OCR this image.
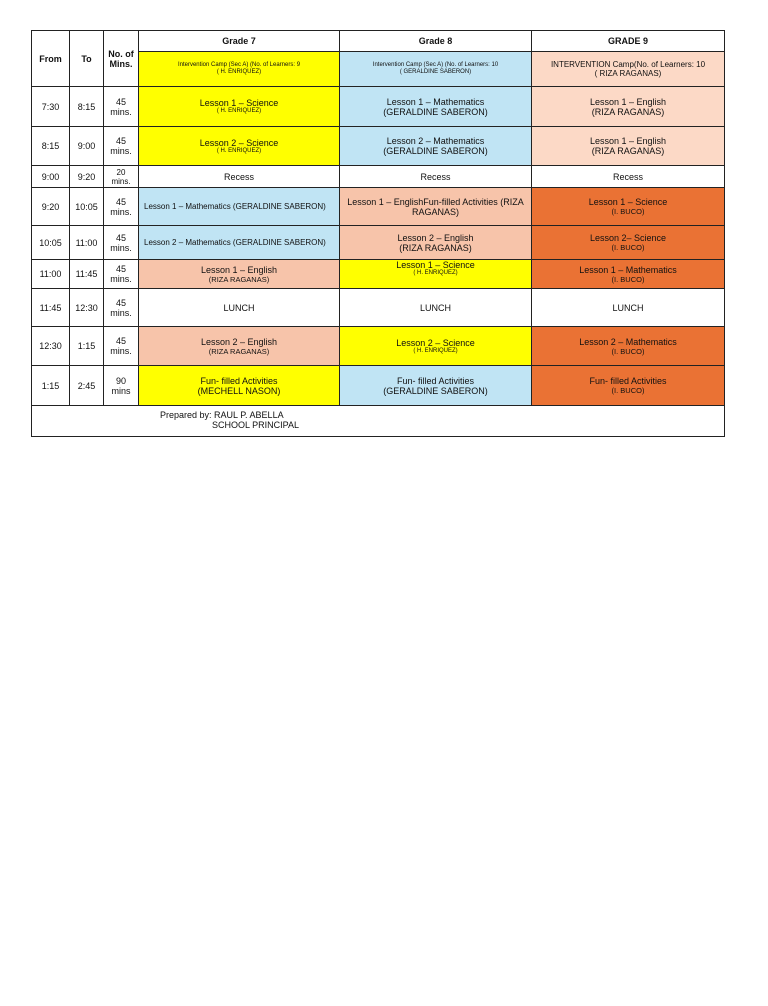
From	To	No. of Mins.	Grade 7	Grade 8	GRADE 9

			Intervention Camp (Sec A) (No. of Learners: 9
( H. ENRIQUEZ)	Intervention Camp (Sec A) (No. of Learners: 10
( GERALDINE SABERON)	INTERVENTION Camp(No. of Learners: 10
( RIZA RAGANAS)

7:30	8:15	45 mins.	Lesson 1 – Science
( H. ENRIQUEZ)	Lesson 1 – Mathematics
(GERALDINE SABERON)	Lesson 1 – English
(RIZA RAGANAS)

8:15	9:00	45 mins.	Lesson 2 – Science
( H. ENRIQUEZ)	Lesson 2 – Mathematics
(GERALDINE SABERON)	Lesson 1 – English
(RIZA RAGANAS)

9:00	9:20	20 mins.	Recess	Recess	Recess
9:20	10:05	45 mins.	Lesson 1 – Mathematics (GERALDINE SABERON)	Lesson 1 – EnglishFun-filled Activities (RIZA RAGANAS)	Lesson 1 – Science
(I. BUCO)

10:05	11:00	45 mins.	Lesson 2 – Mathematics (GERALDINE SABERON)	Lesson 2 – English
(RIZA RAGANAS)	Lesson 2– Science
(I. BUCO)

11:00	11:45	45 mins.	Lesson 1 – English
(RIZA RAGANAS)	Lesson 1 – Science
( H. ENRIQUEZ)	Lesson 1 – Mathematics
(I. BUCO)

11:45	12:30	45 mins.	LUNCH	LUNCH	LUNCH
12:30	1:15	45 mins.	Lesson 2 – English
(RIZA RAGANAS)	Lesson 2 – Science
( H. ENRIQUEZ)	Lesson 2 – Mathematics
(I. BUCO)

1:15	2:45	90 mins	Fun- filled Activities
(MECHELL NASON)	Fun- filled Activities
(GERALDINE SABERON)	Fun- filled Activities
(I. BUCO)

Prepared by: RAUL P. ABELLA
SCHOOL PRINCIPAL					
